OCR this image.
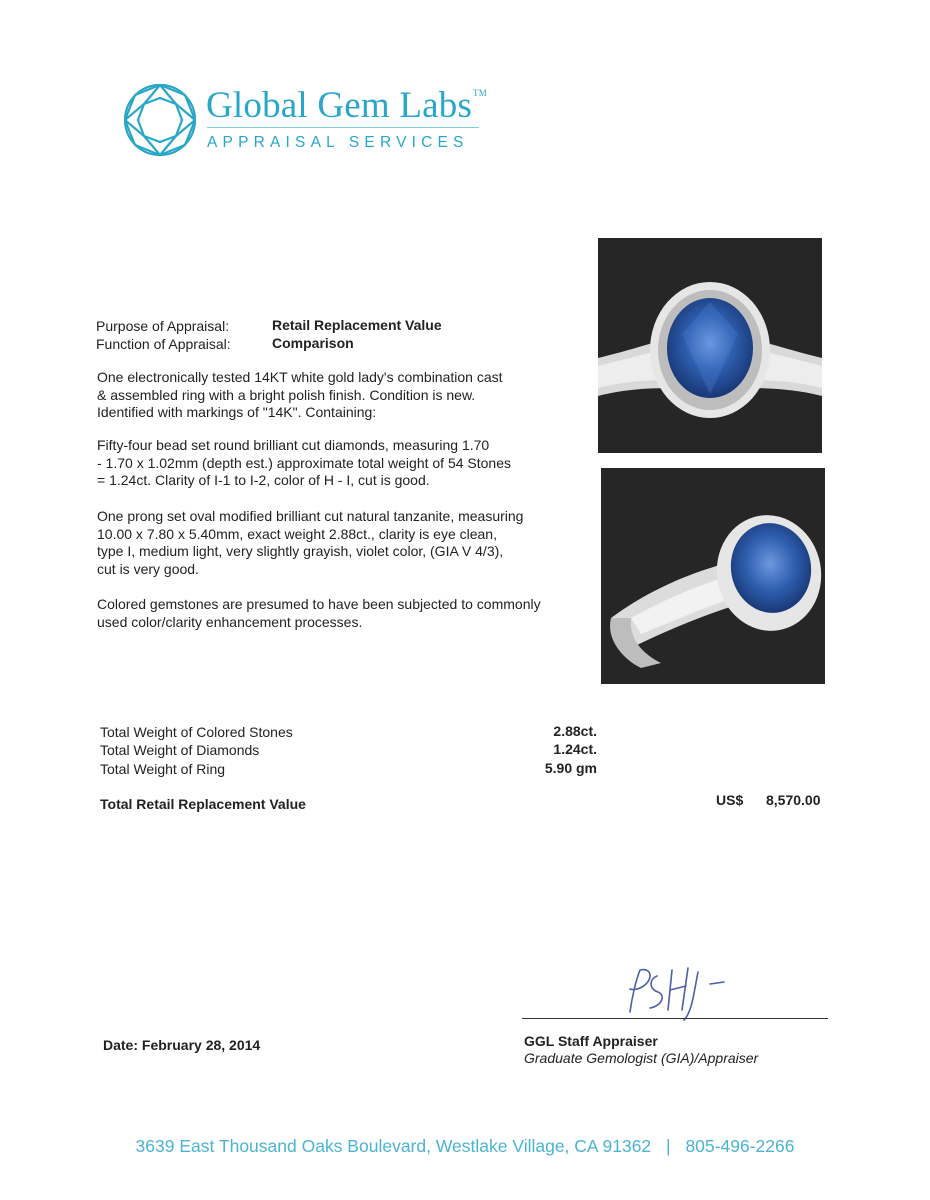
Global Gem Labs™
APPRAISAL SERVICES
Purpose of Appraisal:	Retail Replacement Value
Function of Appraisal:	Comparison
One electronically tested 14KT white gold lady's combination cast
& assembled ring with a bright polish finish. Condition is new.
Identified with markings of "14K". Containing:
Fifty-four bead set round brilliant cut diamonds, measuring 1.70
- 1.70 x 1.02mm (depth est.) approximate total weight of 54 Stones
= 1.24ct. Clarity of I-1 to I-2, color of H - I, cut is good.
One prong set oval modified brilliant cut natural tanzanite, measuring
10.00 x 7.80 x 5.40mm, exact weight 2.88ct., clarity is eye clean,
type I, medium light, very slightly grayish, violet color, (GIA V 4/3),
cut is very good.
Colored gemstones are presumed to have been subjected to commonly
used color/clarity enhancement processes.
Total Weight of Colored Stones	2.88ct.
Total Weight of Diamonds	1.24ct.
Total Weight of Ring	5.90 gm
Total Retail Replacement Value	US$ 8,570.00
Date: February 28, 2014	GGL Staff Appraiser
Graduate Gemologist (GIA)/Appraiser
3639 East Thousand Oaks Boulevard, Westlake Village, CA 91362 | 805-496-2266
